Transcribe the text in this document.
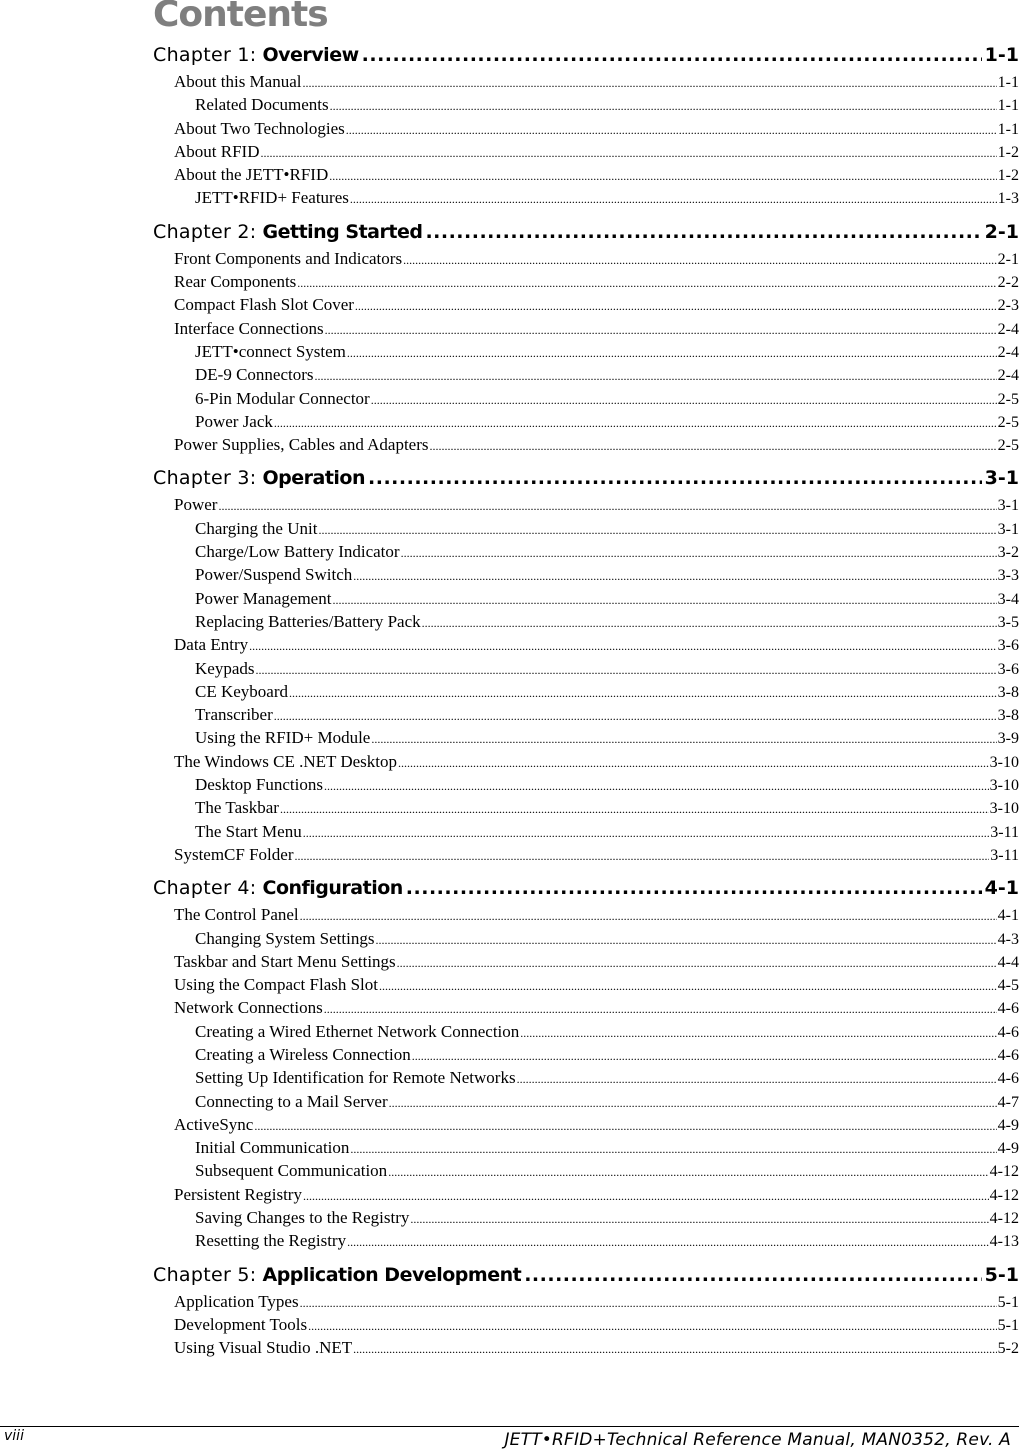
Contents
Chapter 1: Overview .....	1-1
About this Manual .....	1-1
Related Documents .....	1-1
About Two Technologies .....	1-1
About RFID .....	1-2
About the JETT•RFID .....	1-2
JETT•RFID+ Features .....	1-3
Chapter 2: Getting Started .....	2-1
Front Components and Indicators .....	2-1
Rear Components .....	2-2
Compact Flash Slot Cover .....	2-3
Interface Connections .....	2-4
JETT•connect System .....	2-4
DE-9 Connectors .....	2-4
6-Pin Modular Connector .....	2-5
Power Jack .....	2-5
Power Supplies, Cables and Adapters .....	2-5
Chapter 3: Operation .....	3-1
Power .....	3-1
Charging the Unit .....	3-1
Charge/Low Battery Indicator .....	3-2
Power/Suspend Switch .....	3-3
Power Management .....	3-4
Replacing Batteries/Battery Pack .....	3-5
Data Entry .....	3-6
Keypads .....	3-6
CE Keyboard .....	3-8
Transcriber .....	3-8
Using the RFID+ Module .....	3-9
The Windows CE .NET Desktop .....	3-10
Desktop Functions .....	3-10
The Taskbar .....	3-10
The Start Menu .....	3-11
SystemCF Folder .....	3-11
Chapter 4: Configuration .....	4-1
The Control Panel .....	4-1
Changing System Settings .....	4-3
Taskbar and Start Menu Settings .....	4-4
Using the Compact Flash Slot .....	4-5
Network Connections .....	4-6
Creating a Wired Ethernet Network Connection .....	4-6
Creating a Wireless Connection .....	4-6
Setting Up Identification for Remote Networks .....	4-6
Connecting to a Mail Server .....	4-7
ActiveSync .....	4-9
Initial Communication .....	4-9
Subsequent Communication .....	4-12
Persistent Registry .....	4-12
Saving Changes to the Registry .....	4-12
Resetting the Registry .....	4-13
Chapter 5: Application Development .....	5-1
Application Types .....	5-1
Development Tools .....	5-1
Using Visual Studio .NET .....	5-2
viii	JETT•RFID+Technical Reference Manual, MAN0352, Rev. A
